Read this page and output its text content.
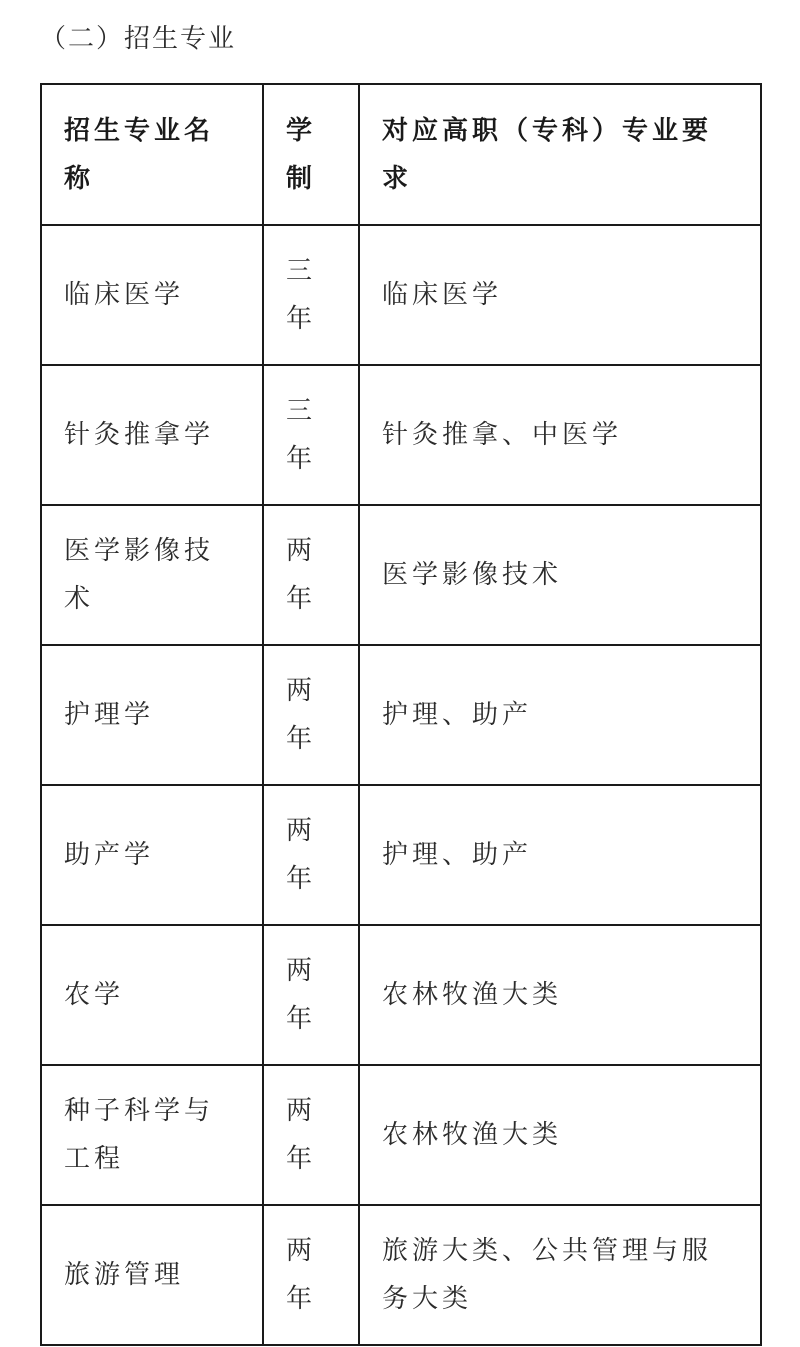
（二）招生专业
招生专业名称	学制	对应高职（专科）专业要求
临床医学	三年	临床医学
针灸推拿学	三年	针灸推拿、中医学
医学影像技术	两年	医学影像技术
护理学	两年	护理、助产
助产学	两年	护理、助产
农学	两年	农林牧渔大类
种子科学与工程	两年	农林牧渔大类
旅游管理	两年	旅游大类、公共管理与服务大类
